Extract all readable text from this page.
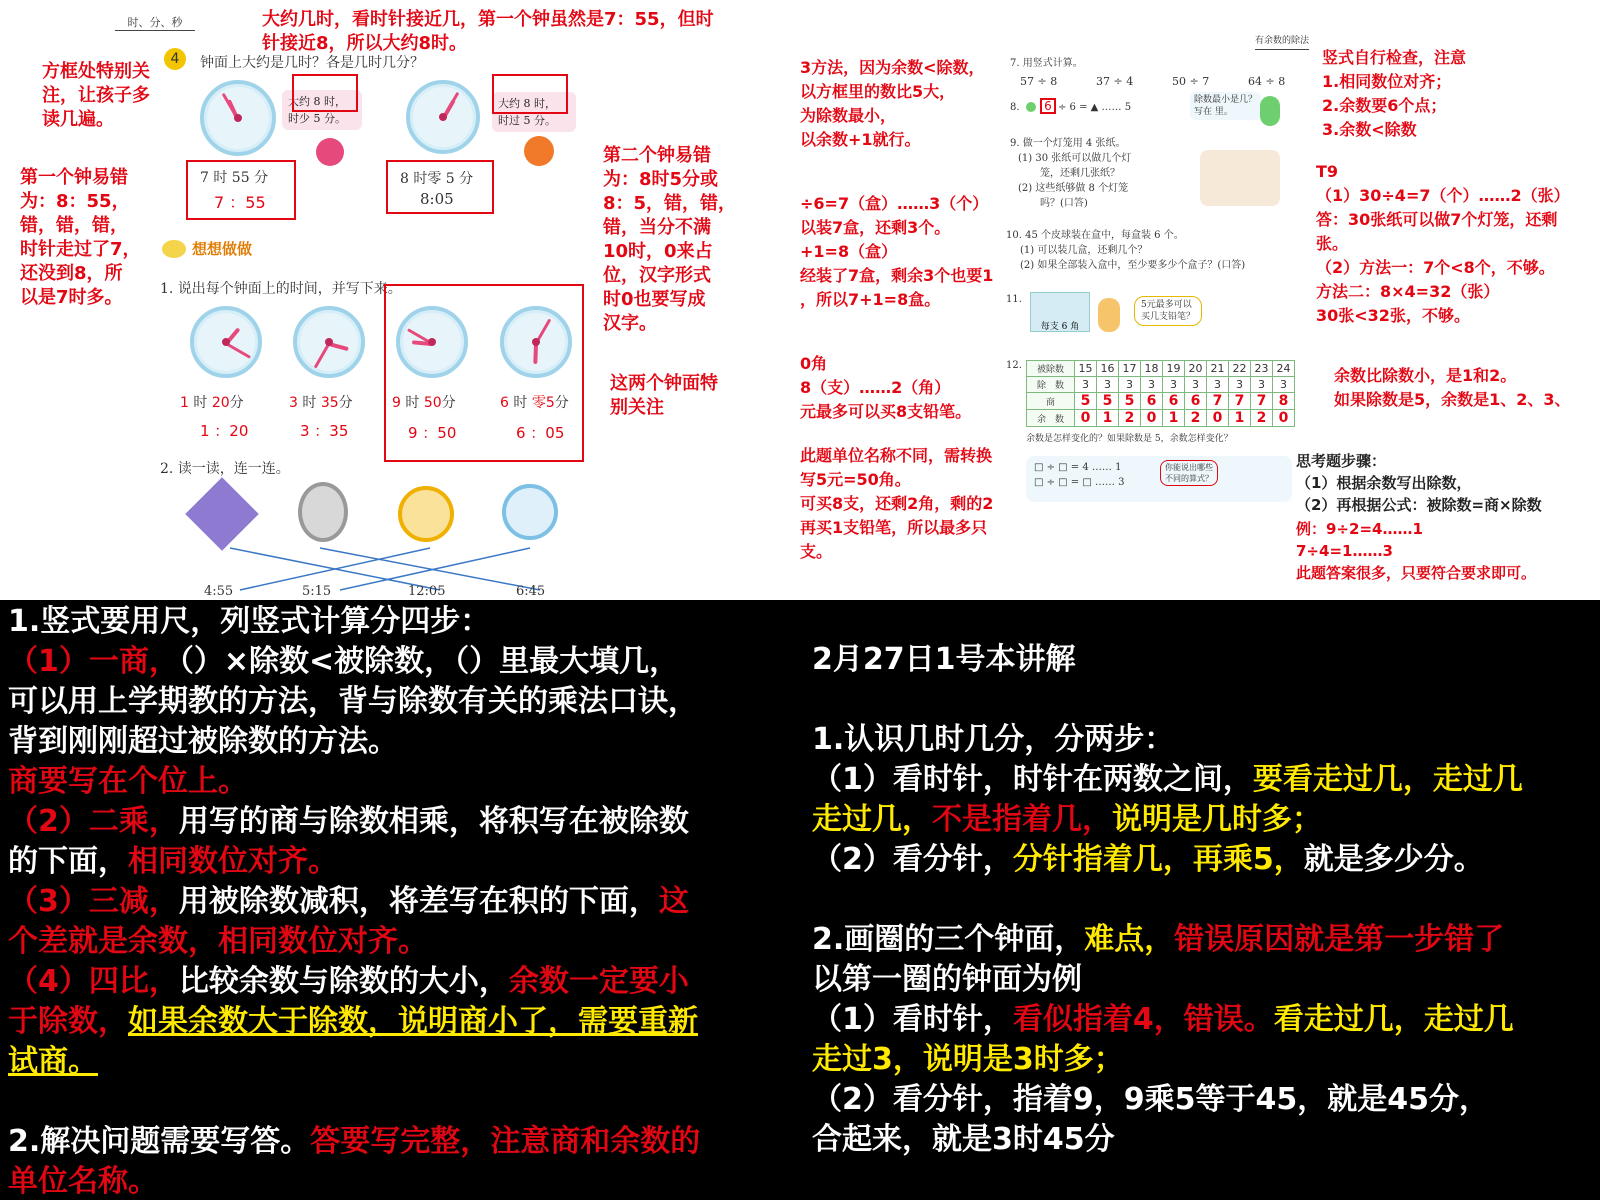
时、分、秒	大约几时，看时针接近几，第一个钟虽然是7：55，但时
针接近8，所以大约8时。
方框处特别关
注，让孩子多
读几遍。
4	钟面上大约是几时？各是几时几分？
大约 8 时，
时少 5 分。
7 时 55 分
7 ：55
大约 8 时，
时过 5 分。
8 时零 5 分
8:05
第一个钟易错
为：8：55，
错，错，错，
时针走过了7，
还没到8，所
以是7时多。
第二个钟易错
为：8时5分或
8：5，错，错，
错，当分不满
10时，0来占
位，汉字形式
时0也要写成
汉字。
想想做做
1. 说出每个钟面上的时间，并写下来。
1 时 20分
1 ：20
3 时 35分
3 ：35
9 时 50分
9 ：50
6 时 零5分
6 ：05
这两个钟面特
别关注
2. 读一读，连一连。
4:55	5:15	12:05	6:45
有余数的除法
3方法，因为余数<除数，
以方框里的数比5大，
为除数最小，
以余数+1就行。
7. 用竖式计算。
57 ÷ 8	37 ÷ 4	50 ÷ 7	64 ÷ 8
8.	6 ÷ 6 = ▲ …… 5
除数最小是几？
写在 里。
9. 做一个灯笼用 4 张纸。
(1) 30 张纸可以做几个灯
笼，还剩几张纸？
(2) 这些纸够做 8 个灯笼
吗？(口答)
÷6=7（盒）……3（个）
以装7盒，还剩3个。
+1=8（盒）
经装了7盒，剩余3个也要1
，所以7+1=8盒。
10. 45 个皮球装在盒中，每盒装 6 个。
(1) 可以装几盒，还剩几个？
(2) 如果全部装入盒中，至少要多少个盒子？(口答)
11.
每支 6 角
5元最多可以
买几支铅笔？
0角
8（支）……2（角）
元最多可以买8支铅笔。
12. 被除数	15	16	17	18	19	20	21	22	23	24
除　数	3	3	3	3	3	3	3	3	3	3
商	5	5	5	6	6	6	7	7	7	8
余　数	0	1	2	0	1	2	0	1	2	0
余数是怎样变化的？如果除数是 5，余数怎样变化？
此题单位名称不同，需转换
写5元=50角。
可买8支，还剩2角，剩的2
再买1支铅笔，所以最多只
支。
□ ÷ □ = 4 …… 1
□ ÷ □ = □ …… 3
你能说出哪些
不同的算式？
竖式自行检查，注意
1.相同数位对齐；
2.余数要6个点；
3.余数<除数
T9
（1）30÷4=7（个）……2（张）
答：30张纸可以做7个灯笼，还剩
张。
（2）方法一：7个<8个，不够。
方法二：8×4=32（张）
30张<32张，不够。
余数比除数小，是1和2。
如果除数是5，余数是1、2、3、
思考题步骤：
（1）根据余数写出除数，
（2）再根据公式：被除数=商×除数
例：9÷2=4……1
7÷4=1……3
此题答案很多，只要符合要求即可。
1.竖式要用尺，列竖式计算分四步：
（1）一商，（）×除数<被除数，（）里最大填几，
可以用上学期教的方法，背与除数有关的乘法口诀，
背到刚刚超过被除数的方法。
商要写在个位上。
（2）二乘，用写的商与除数相乘，将积写在被除数
的下面，相同数位对齐。
（3）三减，用被除数减积，将差写在积的下面，这
个差就是余数，相同数位对齐。
（4）四比，比较余数与除数的大小，余数一定要小
于除数，如果余数大于除数，说明商小了，需要重新
试商。
2.解决问题需要写答。答要写完整，注意商和余数的
单位名称。
2月27日1号本讲解
1.认识几时几分，分两步：
（1）看时针，时针在两数之间，要看走过几，走过几
走过几，不是指着几，说明是几时多；
（2）看分针，分针指着几，再乘5，就是多少分。
2.画圈的三个钟面，难点，错误原因就是第一步错了
以第一圈的钟面为例
（1）看时针，看似指着4，错误。看走过几，走过几
走过3，说明是3时多；
（2）看分针，指着9，9乘5等于45，就是45分，
合起来，就是3时45分
